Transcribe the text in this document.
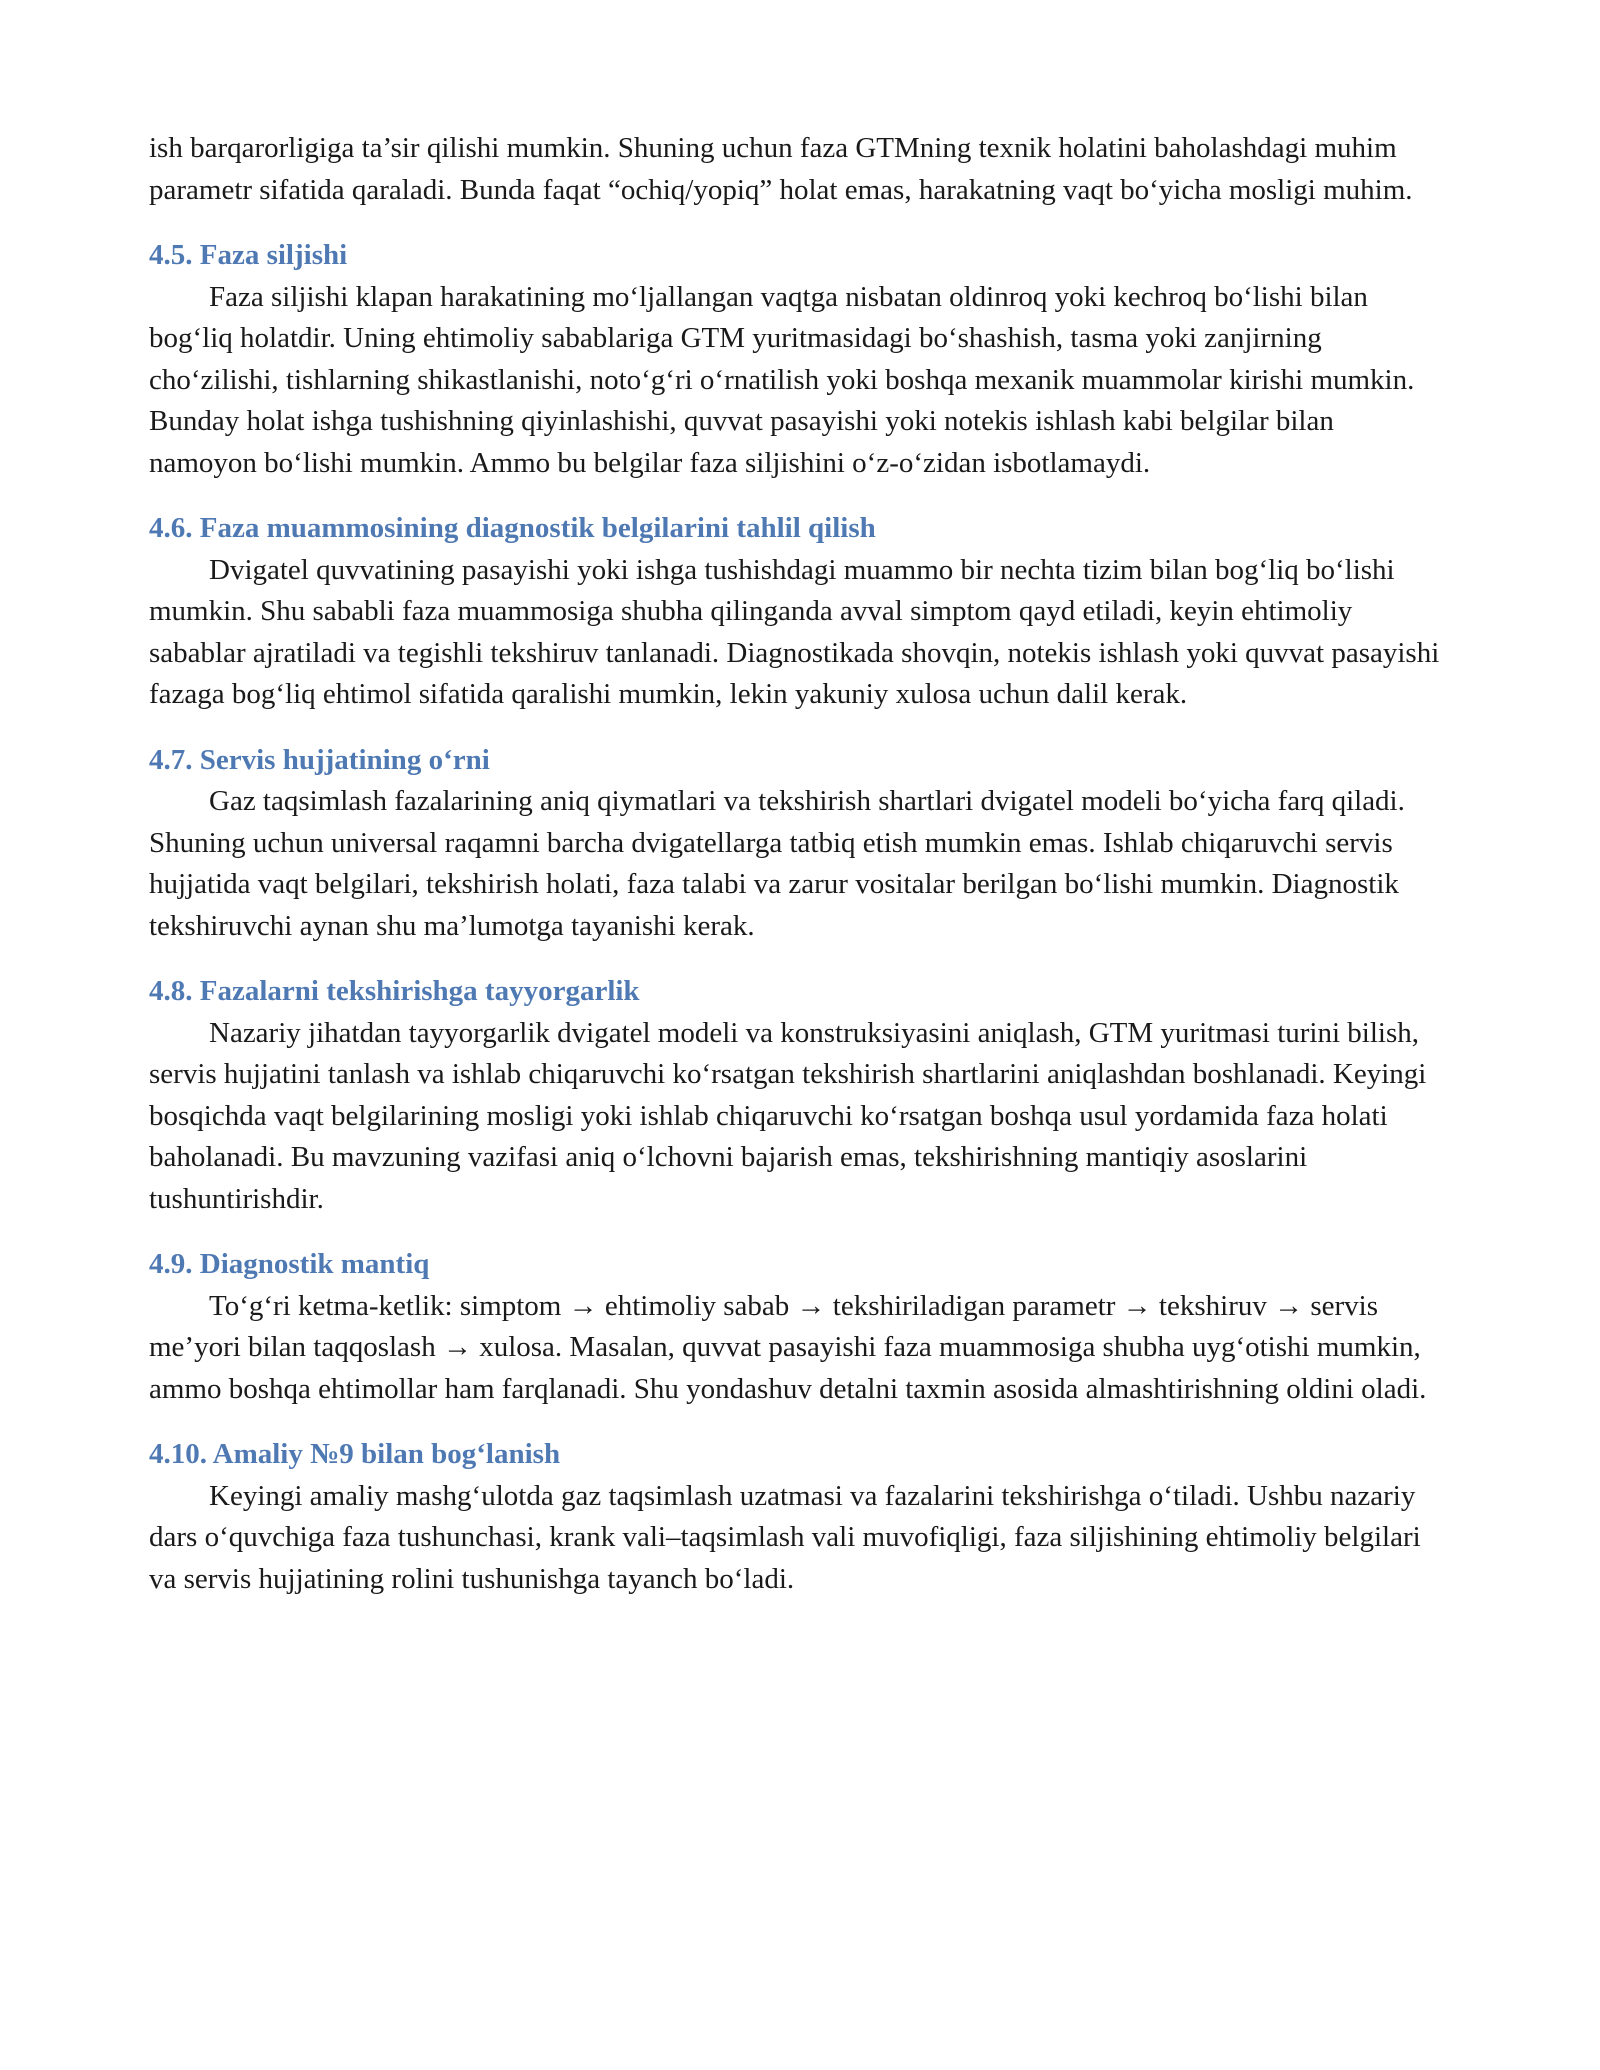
ish barqarorligiga ta’sir qilishi mumkin. Shuning uchun faza GTMning texnik holatini baholashdagi muhim parametr sifatida qaraladi. Bunda faqat “ochiq/yopiq” holat emas, harakatning vaqt bo‘yicha mosligi muhim.

4.5. Faza siljishi

Faza siljishi klapan harakatining mo‘ljallangan vaqtga nisbatan oldinroq yoki kechroq bo‘lishi bilan bog‘liq holatdir. Uning ehtimoliy sabablariga GTM yuritmasidagi bo‘shashish, tasma yoki zanjirning cho‘zilishi, tishlarning shikastlanishi, noto‘g‘ri o‘rnatilish yoki boshqa mexanik muammolar kirishi mumkin. Bunday holat ishga tushishning qiyinlashishi, quvvat pasayishi yoki notekis ishlash kabi belgilar bilan namoyon bo‘lishi mumkin. Ammo bu belgilar faza siljishini o‘z-o‘zidan isbotlamaydi.

4.6. Faza muammosining diagnostik belgilarini tahlil qilish

Dvigatel quvvatining pasayishi yoki ishga tushishdagi muammo bir nechta tizim bilan bog‘liq bo‘lishi mumkin. Shu sababli faza muammosiga shubha qilinganda avval simptom qayd etiladi, keyin ehtimoliy sabablar ajratiladi va tegishli tekshiruv tanlanadi. Diagnostikada shovqin, notekis ishlash yoki quvvat pasayishi fazaga bog‘liq ehtimol sifatida qaralishi mumkin, lekin yakuniy xulosa uchun dalil kerak.

4.7. Servis hujjatining o‘rni

Gaz taqsimlash fazalarining aniq qiymatlari va tekshirish shartlari dvigatel modeli bo‘yicha farq qiladi. Shuning uchun universal raqamni barcha dvigatellarga tatbiq etish mumkin emas. Ishlab chiqaruvchi servis hujjatida vaqt belgilari, tekshirish holati, faza talabi va zarur vositalar berilgan bo‘lishi mumkin. Diagnostik tekshiruvchi aynan shu ma’lumotga tayanishi kerak.

4.8. Fazalarni tekshirishga tayyorgarlik

Nazariy jihatdan tayyorgarlik dvigatel modeli va konstruksiyasini aniqlash, GTM yuritmasi turini bilish, servis hujjatini tanlash va ishlab chiqaruvchi ko‘rsatgan tekshirish shartlarini aniqlashdan boshlanadi. Keyingi bosqichda vaqt belgilarining mosligi yoki ishlab chiqaruvchi ko‘rsatgan boshqa usul yordamida faza holati baholanadi. Bu mavzuning vazifasi aniq o‘lchovni bajarish emas, tekshirishning mantiqiy asoslarini tushuntirishdir.

4.9. Diagnostik mantiq

To‘g‘ri ketma-ketlik: simptom → ehtimoliy sabab → tekshiriladigan parametr → tekshiruv → servis me’yori bilan taqqoslash → xulosa. Masalan, quvvat pasayishi faza muammosiga shubha uyg‘otishi mumkin, ammo boshqa ehtimollar ham farqlanadi. Shu yondashuv detalni taxmin asosida almashtirishning oldini oladi.

4.10. Amaliy №9 bilan bog‘lanish

Keyingi amaliy mashg‘ulotda gaz taqsimlash uzatmasi va fazalarini tekshirishga o‘tiladi. Ushbu nazariy dars o‘quvchiga faza tushunchasi, krank vali–taqsimlash vali muvofiqligi, faza siljishining ehtimoliy belgilari va servis hujjatining rolini tushunishga tayanch bo‘ladi.
